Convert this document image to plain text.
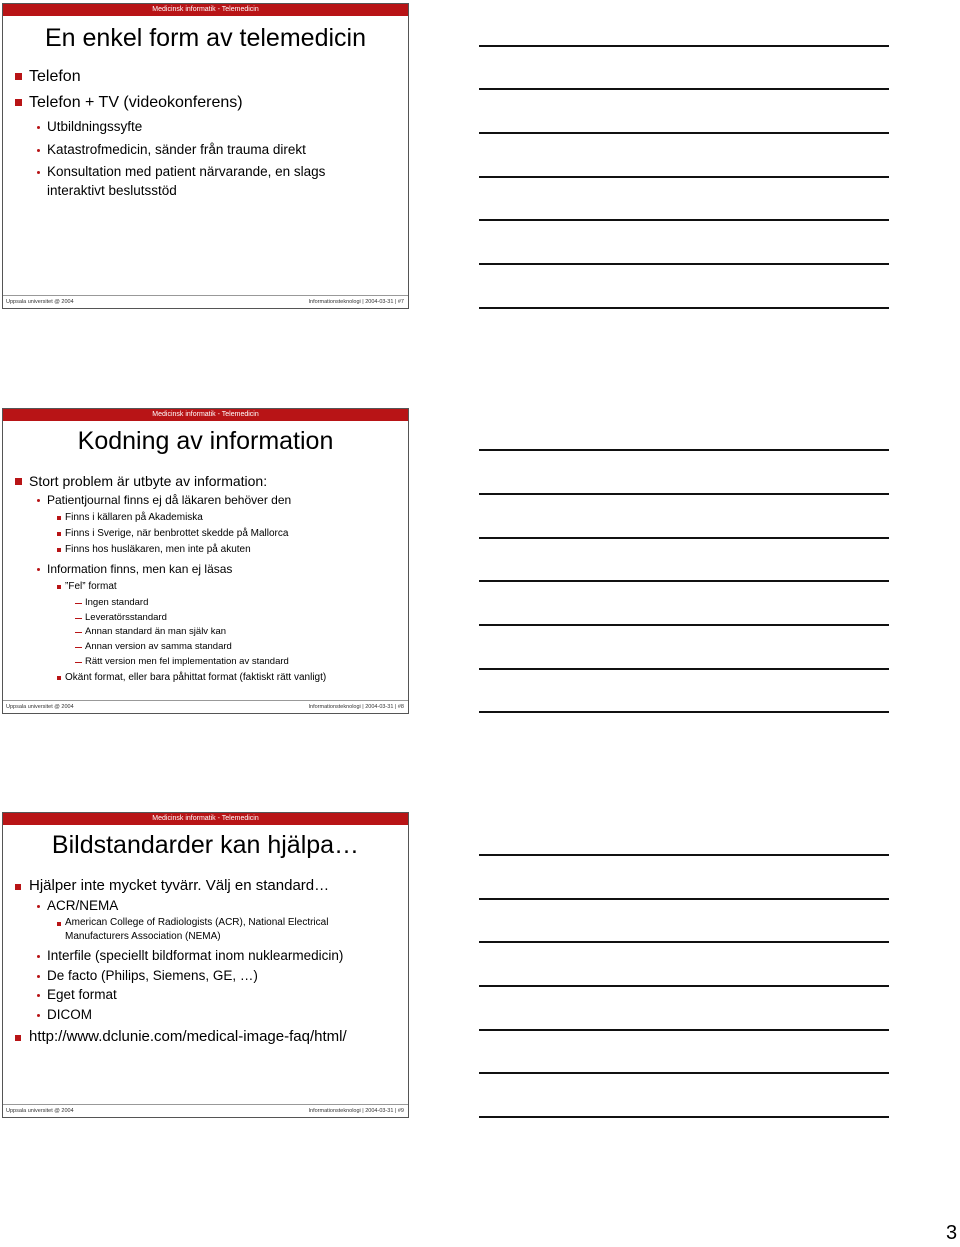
Medicinsk informatik - Telemedicin
En enkel form av telemedicin
Telefon
Telefon + TV (videokonferens)
Utbildningssyfte
Katastrofmedicin, sänder från trauma direkt
Konsultation med patient närvarande, en slags
interaktivt beslutsstöd
Uppsala universitet @ 2004	Informationsteknologi | 2004-03-31 | #7
Medicinsk informatik - Telemedicin
Kodning av information
Stort problem är utbyte av information:
Patientjournal finns ej då läkaren behöver den
Finns i källaren på Akademiska
Finns i Sverige, när benbrottet skedde på Mallorca
Finns hos husläkaren, men inte på akuten
Information finns, men kan ej läsas
”Fel” format
Ingen standard
Leveratörsstandard
Annan standard än man själv kan
Annan version av samma standard
Rätt version men fel implementation av standard
Okänt format, eller bara påhittat format (faktiskt rätt vanligt)
Uppsala universitet @ 2004	Informationsteknologi | 2004-03-31 | #8
Medicinsk informatik - Telemedicin
Bildstandarder kan hjälpa…
Hjälper inte mycket tyvärr. Välj en standard…
ACR/NEMA
American College of Radiologists (ACR), National Electrical
Manufacturers Association (NEMA)
Interfile (speciellt bildformat inom nuklearmedicin)
De facto (Philips, Siemens, GE, …)
Eget format
DICOM
http://www.dclunie.com/medical-image-faq/html/
Uppsala universitet @ 2004	Informationsteknologi | 2004-03-31 | #9
3
